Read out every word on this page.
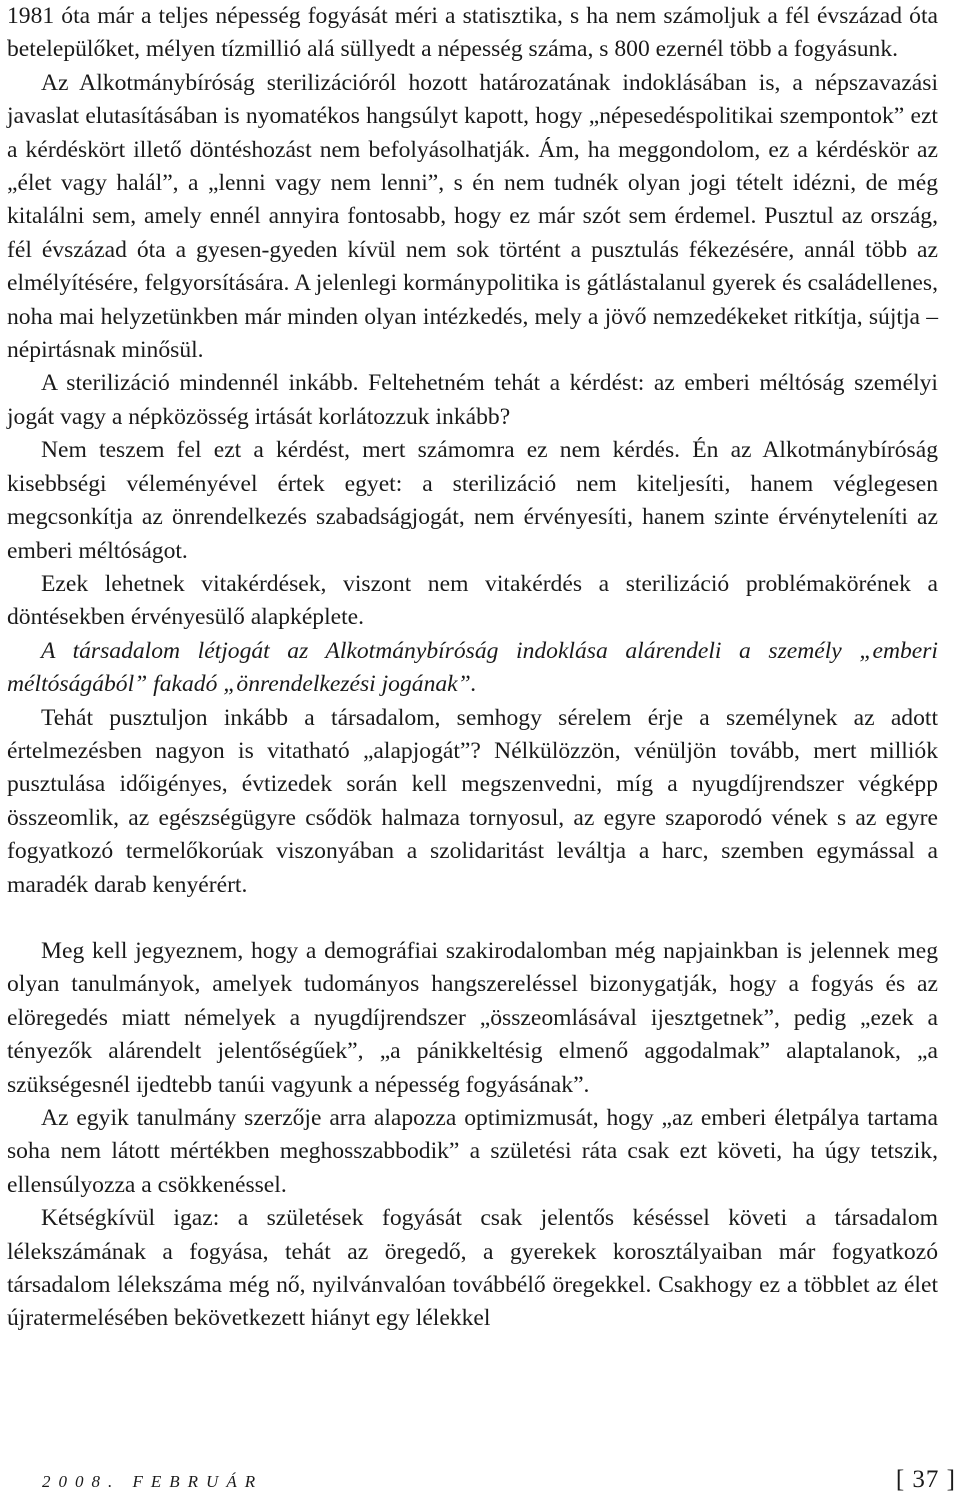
1981 óta már a teljes népesség fogyását méri a statisztika, s ha nem számoljuk a fél évszázad óta betelepülőket, mélyen tízmillió alá süllyedt a népesség száma, s 800 ezernél több a fogyásunk.

Az Alkotmánybíróság sterilizációról hozott határozatának indoklásában is, a népszavazási javaslat elutasításában is nyomatékos hangsúlyt kapott, hogy „népesedéspolitikai szempontok” ezt a kérdéskört illető döntéshozást nem befolyásolhatják. Ám, ha meggondolom, ez a kérdéskör az „élet vagy halál”, a „lenni vagy nem lenni”, s én nem tudnék olyan jogi tételt idézni, de még kitalálni sem, amely ennél annyira fontosabb, hogy ez már szót sem érdemel. Pusztul az ország, fél évszázad óta a gyesen-gyeden kívül nem sok történt a pusztulás fékezésére, annál több az elmélyítésére, felgyorsítására. A jelenlegi kormánypolitika is gátlástalanul gyerek és családellenes, noha mai helyzetünkben már minden olyan intézkedés, mely a jövő nemzedékeket ritkítja, sújtja – népirtásnak minősül.

A sterilizáció mindennél inkább. Feltehetném tehát a kérdést: az emberi méltóság személyi jogát vagy a népközösség irtását korlátozzuk inkább?

Nem teszem fel ezt a kérdést, mert számomra ez nem kérdés. Én az Alkotmánybíróság kisebbségi véleményével értek egyet: a sterilizáció nem kiteljesíti, hanem véglegesen megcsonkítja az önrendelkezés szabadságjogát, nem érvényesíti, hanem szinte érvényteleníti az emberi méltóságot.

Ezek lehetnek vitakérdések, viszont nem vitakérdés a sterilizáció problémakörének a döntésekben érvényesülő alapképlete.

A társadalom létjogát az Alkotmánybíróság indoklása alárendeli a személy „emberi méltóságából” fakadó „önrendelkezési jogának”.

Tehát pusztuljon inkább a társadalom, semhogy sérelem érje a személynek az adott értelmezésben nagyon is vitatható „alapjogát”? Nélkülözzön, vénüljön tovább, mert milliók pusztulása időigényes, évtizedek során kell megszenvedni, míg a nyugdíjrendszer végképp összeomlik, az egészségügyre csődök halmaza tornyosul, az egyre szaporodó vének s az egyre fogyatkozó termelőkorúak viszonyában a szolidaritást leváltja a harc, szemben egymással a maradék darab kenyérért.

Meg kell jegyeznem, hogy a demográfiai szakirodalomban még napjainkban is jelennek meg olyan tanulmányok, amelyek tudományos hangszereléssel bizonygatják, hogy a fogyás és az elöregedés miatt némelyek a nyugdíjrendszer „összeomlásával ijesztgetnek”, pedig „ezek a tényezők alárendelt jelentőségűek”, „a pánikkeltésig elmenő aggodalmak” alaptalanok, „a szükségesnél ijedtebb tanúi vagyunk a népesség fogyásának”.

Az egyik tanulmány szerzője arra alapozza optimizmusát, hogy „az emberi életpálya tartama soha nem látott mértékben meghosszabbodik” a születési ráta csak ezt követi, ha úgy tetszik, ellensúlyozza a csökkenéssel.

Kétségkívül igaz: a születések fogyását csak jelentős késéssel követi a társadalom lélekszámának a fogyása, tehát az öregedő, a gyerekek korosztályaiban már fogyatkozó társadalom lélekszáma még nő, nyilvánvalóan továbbélő öregekkel. Csakhogy ez a többlet az élet újratermelésében bekövetkezett hiányt egy lélekkel

2008. FEBRUÁR	[ 37 ]
